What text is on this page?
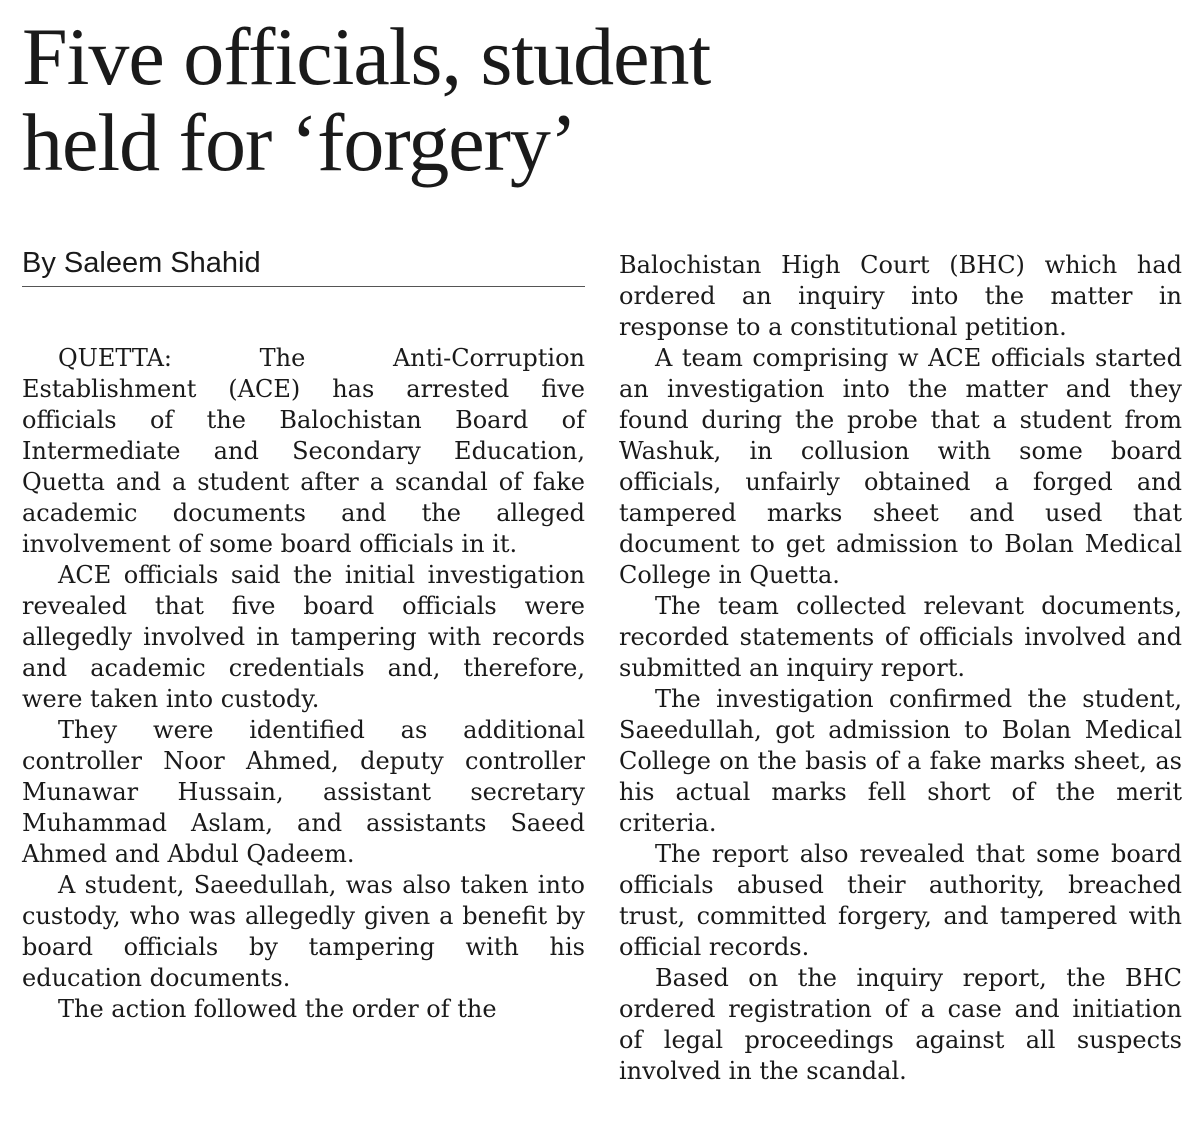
Five officials, student
held for ‘forgery’
By Saleem Shahid

QUETTA: The Anti-Corruption Establishment (ACE) has arrested five officials of the Balochistan Board of Intermediate and Secondary Education, Quetta and a student after a scandal of fake academic documents and the alleged involvement of some board officials in it.

ACE officials said the initial investigation revealed that five board officials were allegedly involved in tampering with records and academic credentials and, therefore, were taken into custody.

They were identified as additional controller Noor Ahmed, deputy controller Munawar Hussain, assistant secretary Muhammad Aslam, and assistants Saeed Ahmed and Abdul Qadeem.

A student, Saeedullah, was also taken into custody, who was allegedly given a benefit by board officials by tampering with his education documents.

The action followed the order of the

Balochistan High Court (BHC) which had ordered an inquiry into the matter in response to a constitutional petition.

A team comprising w ACE officials started an investigation into the matter and they found during the probe that a student from Washuk, in collusion with some board officials, unfairly obtained a forged and tampered marks sheet and used that document to get admission to Bolan Medical College in Quetta.

The team collected relevant documents, recorded statements of officials involved and submitted an inquiry report.

The investigation confirmed the student, Saeedullah, got admission to Bolan Medical College on the basis of a fake marks sheet, as his actual marks fell short of the merit criteria.

The report also revealed that some board officials abused their authority, breached trust, committed forgery, and tampered with official records.

Based on the inquiry report, the BHC ordered registration of a case and initiation of legal proceedings against all suspects involved in the scandal.
